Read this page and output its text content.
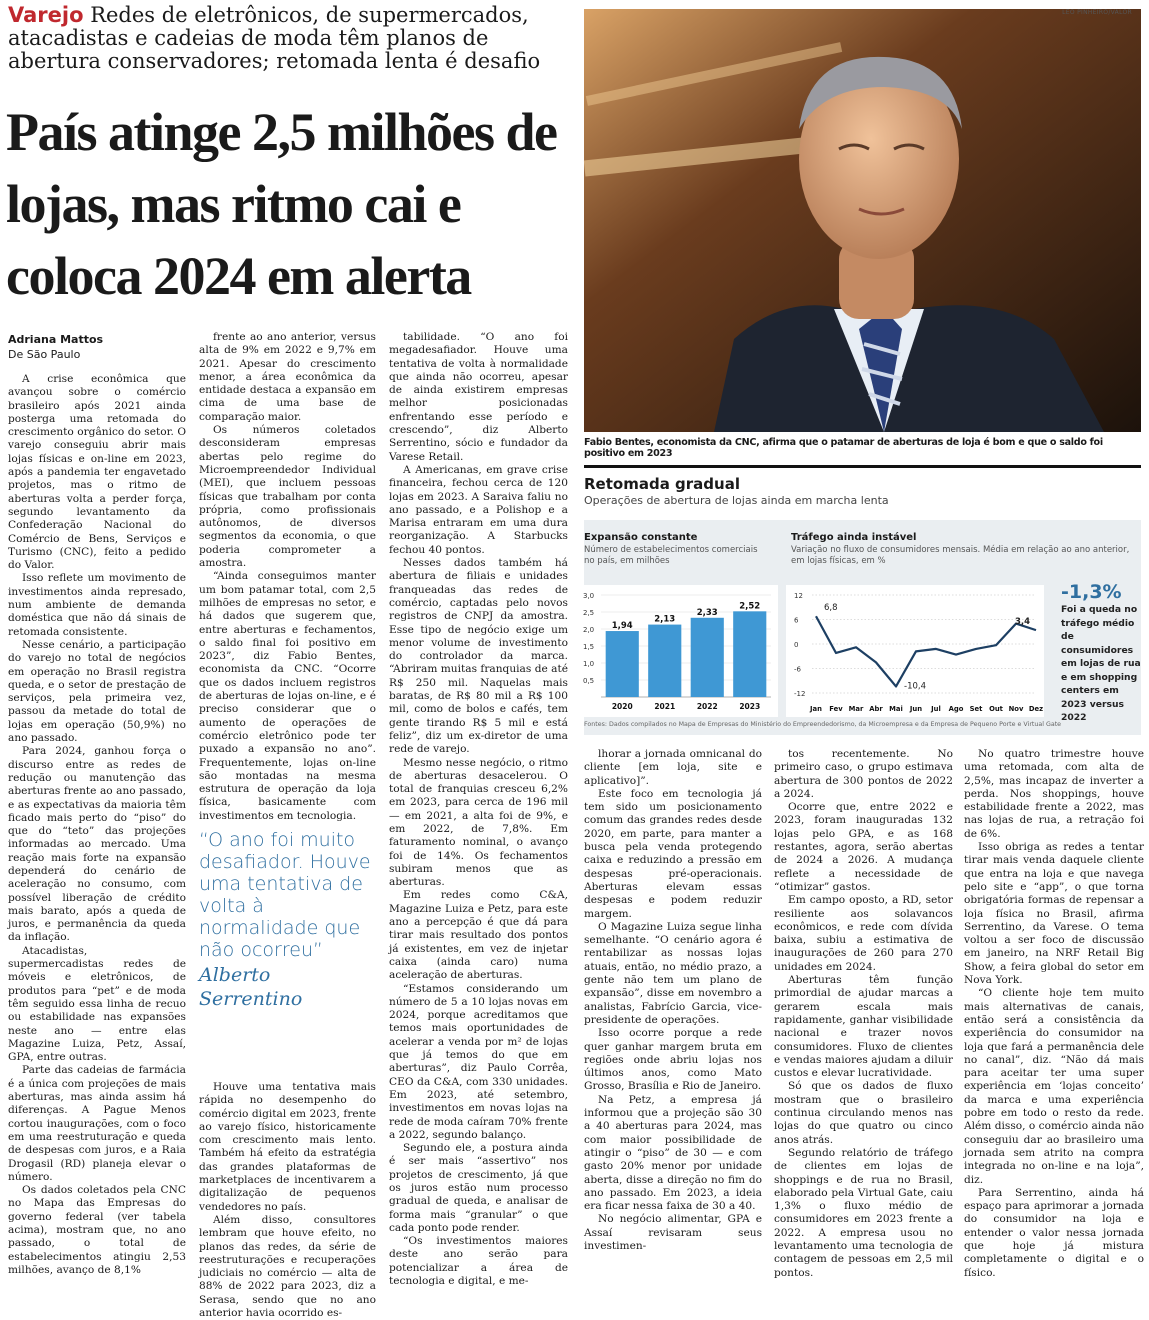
Varejo Redes de eletrônicos, de supermercados, atacadistas e cadeias de moda têm planos de abertura conservadores; retomada lenta é desafio
País atinge 2,5 milhões de lojas, mas ritmo cai e coloca 2024 em alerta
Adriana Mattos
De São Paulo

A crise econômica que avançou sobre o comércio brasileiro após 2021 ainda posterga uma retomada do crescimento orgânico do setor. O varejo conseguiu abrir mais lojas físicas e on-line em 2023, após a pandemia ter engavetado projetos, mas o ritmo de aberturas volta a perder força, segundo levantamento da Confederação Nacional do Comércio de Bens, Serviços e Turismo (CNC), feito a pedido do Valor.

Isso reflete um movimento de investimentos ainda represado, num ambiente de demanda doméstica que não dá sinais de retomada consistente.

Nesse cenário, a participação do varejo no total de negócios em operação no Brasil registra queda, e o setor de prestação de serviços, pela primeira vez, passou da metade do total de lojas em operação (50,9%) no ano passado.

Para 2024, ganhou força o discurso entre as redes de redução ou manutenção das aberturas frente ao ano passado, e as expectativas da maioria têm ficado mais perto do “piso” do que do “teto” das projeções informadas ao mercado. Uma reação mais forte na expansão dependerá do cenário de aceleração no consumo, com possível liberação de crédito mais barato, após a queda de juros, e permanência da queda da inflação.

Atacadistas, supermercadistas redes de móveis e eletrônicos, de produtos para “pet” e de moda têm seguido essa linha de recuo ou estabilidade nas expansões neste ano — entre elas Magazine Luiza, Petz, Assaí, GPA, entre outras.

Parte das cadeias de farmácia é a única com projeções de mais aberturas, mas ainda assim há diferenças. A Pague Menos cortou inaugurações, com o foco em uma reestruturação e queda de despesas com juros, e a Raia Drogasil (RD) planeja elevar o número.

Os dados coletados pela CNC no Mapa das Empresas do governo federal (ver tabela acima), mostram que, no ano passado, o total de estabelecimentos atingiu 2,53 milhões, avanço de 8,1%

frente ao ano anterior, versus alta de 9% em 2022 e 9,7% em 2021. Apesar do crescimento menor, a área econômica da entidade destaca a expansão em cima de uma base de comparação maior.

Os números coletados desconsideram empresas abertas pelo regime do Microempreendedor Individual (MEI), que incluem pessoas físicas que trabalham por conta própria, como profissionais autônomos, de diversos segmentos da economia, o que poderia comprometer a amostra.

“Ainda conseguimos manter um bom patamar total, com 2,5 milhões de empresas no setor, e há dados que sugerem que, entre aberturas e fechamentos, o saldo final foi positivo em 2023”, diz Fabio Bentes, economista da CNC. “Ocorre que os dados incluem registros de aberturas de lojas on-line, e é preciso considerar que o aumento de operações de comércio eletrônico pode ter puxado a expansão no ano”. Frequentemente, lojas on-line são montadas na mesma estrutura de operação da loja física, basicamente com investimentos em tecnologia.

Houve uma tentativa mais rápida no desempenho do comércio digital em 2023, frente ao varejo físico, historicamente com crescimento mais lento. Também há efeito da estratégia das grandes plataformas de marketplaces de incentivarem a digitalização de pequenos vendedores no país.

Além disso, consultores lembram que houve efeito, no planos das redes, da série de reestruturações e recuperações judiciais no comércio — alta de 88% de 2022 para 2023, diz a Serasa, sendo que no ano anterior havia ocorrido es-

tabilidade. “O ano foi megadesafiador. Houve uma tentativa de volta à normalidade que ainda não ocorreu, apesar de ainda existirem empresas melhor posicionadas enfrentando esse período e crescendo”, diz Alberto Serrentino, sócio e fundador da Varese Retail.

A Americanas, em grave crise financeira, fechou cerca de 120 lojas em 2023. A Saraiva faliu no ano passado, e a Polishop e a Marisa entraram em uma dura reorganização. A Starbucks fechou 40 pontos.

Nesses dados também há abertura de filiais e unidades franqueadas das redes de comércio, captadas pelo novos registros de CNPJ da amostra. Esse tipo de negócio exige um menor volume de investimento do controlador da marca. “Abriram muitas franquias de até R$ 250 mil. Naquelas mais baratas, de R$ 80 mil a R$ 100 mil, como de bolos e cafés, tem gente tirando R$ 5 mil e está feliz”, diz um ex-diretor de uma rede de varejo.

Mesmo nesse negócio, o ritmo de aberturas desacelerou. O total de franquias cresceu 6,2% em 2023, para cerca de 196 mil — em 2021, a alta foi de 9%, e em 2022, de 7,8%. Em faturamento nominal, o avanço foi de 14%. Os fechamentos subiram menos que as aberturas.

Em redes como C&A, Magazine Luiza e Petz, para este ano a percepção é que dá para tirar mais resultado dos pontos já existentes, em vez de injetar caixa (ainda caro) numa aceleração de aberturas.

“Estamos considerando um número de 5 a 10 lojas novas em 2024, porque acreditamos que temos mais oportunidades de acelerar a venda por m² de lojas que já temos do que em aberturas”, diz Paulo Corrêa, CEO da C&A, com 330 unidades. Em 2023, até setembro, investimentos em novas lojas na rede de moda caíram 70% frente a 2022, segundo balanço.

Segundo ele, a postura ainda é ser mais “assertivo” nos projetos de crescimento, já que os juros estão num processo gradual de queda, e analisar de forma mais “granular” o que cada ponto pode render.

“Os investimentos maiores deste ano serão para potencializar a área de tecnologia e digital, e me-

“O ano foi muito desafiador. Houve uma tentativa de volta à normalidade que não ocorreu”
Alberto Serrentino
LEO PINHEIRO/VALOR
Fabio Bentes, economista da CNC, afirma que o patamar de aberturas de loja é bom e que o saldo foi positivo em 2023
Retomada gradual
Operações de abertura de lojas ainda em marcha lenta
Expansão constante
Número de estabelecimentos comerciais no país, em milhões
Tráfego ainda instável
Variação no fluxo de consumidores mensais. Média em relação ao ano anterior, em lojas físicas, em %
0,5
1,0
1,5
2,0
2,5
3,0
1,94
2020
2,13
2021
2,33
2022
2,52
2023
12
6
0
-6
-12
Jan Fev Mar Abr Mai Jun Jul Ago Set Out Nov Dez
6,8
-10,4
3,4
-1,3%
Foi a queda no tráfego médio de consumidores em lojas de rua e em shopping centers em 2023 versus 2022
Fontes: Dados compilados no Mapa de Empresas do Ministério do Empreendedorismo, da Microempresa e da Empresa de Pequeno Porte e Virtual Gate

lhorar a jornada omnicanal do cliente [em loja, site e aplicativo]”.

Este foco em tecnologia já tem sido um posicionamento comum das grandes redes desde 2020, em parte, para manter a busca pela venda protegendo caixa e reduzindo a pressão em despesas pré-operacionais. Aberturas elevam essas despesas e podem reduzir margem.

O Magazine Luiza segue linha semelhante. “O cenário agora é rentabilizar as nossas lojas atuais, então, no médio prazo, a gente não tem um plano de expansão”, disse em novembro a analistas, Fabrício Garcia, vice-presidente de operações.

Isso ocorre porque a rede quer ganhar margem bruta em regiões onde abriu lojas nos últimos anos, como Mato Grosso, Brasília e Rio de Janeiro.

Na Petz, a empresa já informou que a projeção são 30 a 40 aberturas para 2024, mas com maior possibilidade de atingir o “piso” de 30 — e com gasto 20% menor por unidade aberta, disse a direção no fim do ano passado. Em 2023, a ideia era ficar nessa faixa de 30 a 40.

No negócio alimentar, GPA e Assaí revisaram seus investimen-

tos recentemente. No primeiro caso, o grupo estimava abertura de 300 pontos de 2022 a 2024.

Ocorre que, entre 2022 e 2023, foram inauguradas 132 lojas pelo GPA, e as 168 restantes, agora, serão abertas de 2024 a 2026. A mudança reflete a necessidade de “otimizar” gastos.

Em campo oposto, a RD, setor resiliente aos solavancos econômicos, e rede com dívida baixa, subiu a estimativa de inaugurações de 260 para 270 unidades em 2024.

Aberturas têm função primordial de ajudar marcas a gerarem escala mais rapidamente, ganhar visibilidade nacional e trazer novos consumidores. Fluxo de clientes e vendas maiores ajudam a diluir custos e elevar lucratividade.

Só que os dados de fluxo mostram que o brasileiro continua circulando menos nas lojas do que quatro ou cinco anos atrás.

Segundo relatório de tráfego de clientes em lojas de shoppings e de rua no Brasil, elaborado pela Virtual Gate, caiu 1,3% o fluxo médio de consumidores em 2023 frente a 2022. A empresa usou no levantamento uma tecnologia de contagem de pessoas em 2,5 mil pontos.

No quatro trimestre houve uma retomada, com alta de 2,5%, mas incapaz de inverter a perda. Nos shoppings, houve estabilidade frente a 2022, mas nas lojas de rua, a retração foi de 6%.

Isso obriga as redes a tentar tirar mais venda daquele cliente que entra na loja e que navega pelo site e “app”, o que torna obrigatória formas de repensar a loja física no Brasil, afirma Serrentino, da Varese. O tema voltou a ser foco de discussão em janeiro, na NRF Retail Big Show, a feira global do setor em Nova York.

“O cliente hoje tem muito mais alternativas de canais, então será a consistência da experiência do consumidor na loja que fará a permanência dele no canal”, diz. “Não dá mais para aceitar ter uma super experiência em ‘lojas conceito’ da marca e uma experiência pobre em todo o resto da rede. Além disso, o comércio ainda não conseguiu dar ao brasileiro uma jornada sem atrito na compra integrada no on-line e na loja”, diz.

Para Serrentino, ainda há espaço para aprimorar a jornada do consumidor na loja e entender o valor nessa jornada que hoje já mistura completamente o digital e o físico.
